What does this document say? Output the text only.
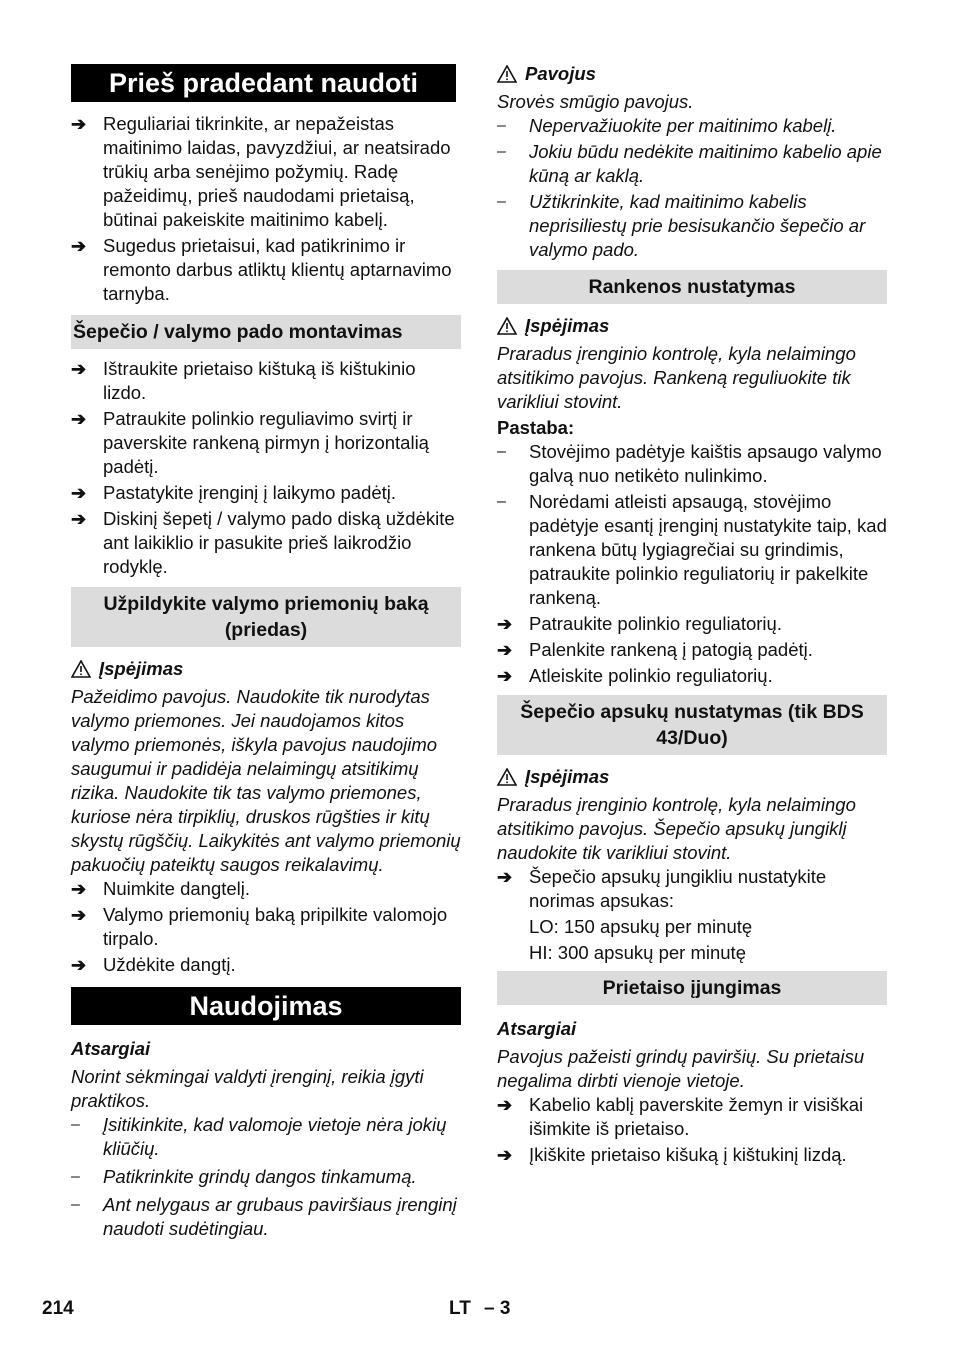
Prieš pradedant naudoti
➔ Reguliariai tikrinkite, ar nepažeistas maitinimo laidas, pavyzdžiui, ar neatsirado trūkių arba senėjimo požymių. Radę pažeidimų, prieš naudodami prietaisą, būtinai pakeiskite maitinimo kabelį.
➔ Sugedus prietaisui, kad patikrinimo ir remonto darbus atliktų klientų aptarnavimo tarnyba.
Šepečio / valymo pado montavimas
➔ Ištraukite prietaiso kištuką iš kištukinio lizdo.
➔ Patraukite polinkio reguliavimo svirtį ir paverskite rankeną pirmyn į horizontalią padėtį.
➔ Pastatykite įrenginį į laikymo padėtį.
➔ Diskinį šepetį / valymo pado diską uždėkite ant laikiklio ir pasukite prieš laikrodžio rodyklę.
Užpildykite valymo priemonių baką (priedas)
Įspėjimas
Pažeidimo pavojus. Naudokite tik nurodytas valymo priemones. Jei naudojamos kitos valymo priemonės, iškyla pavojus naudojimo saugumui ir padidėja nelaimingų atsitikimų rizika. Naudokite tik tas valymo priemones, kuriose nėra tirpiklių, druskos rūgšties ir kitų skystų rūgščių. Laikykitės ant valymo priemonių pakuočių pateiktų saugos reikalavimų.
➔ Nuimkite dangtelį.
➔ Valymo priemonių baką pripilkite valomojo tirpalo.
➔ Uždėkite dangtį.
Naudojimas
Atsargiai
Norint sėkmingai valdyti įrenginį, reikia įgyti praktikos.
–	Įsitikinkite, kad valomoje vietoje nėra jokių kliūčių.
–	Patikrinkite grindų dangos tinkamumą.
–	Ant nelygaus ar grubaus paviršiaus įrenginį naudoti sudėtingiau.
Pavojus
Srovės smūgio pavojus.
–	Nepervažiuokite per maitinimo kabelį.
–	Jokiu būdu nedėkite maitinimo kabelio apie kūną ar kaklą.
–	Užtikrinkite, kad maitinimo kabelis neprisiliestų prie besisukančio šepečio ar valymo pado.
Rankenos nustatymas
Įspėjimas
Praradus įrenginio kontrolę, kyla nelaimingo atsitikimo pavojus. Rankeną reguliuokite tik varikliui stovint.
Pastaba:
–	Stovėjimo padėtyje kaištis apsaugo valymo galvą nuo netikėto nulinkimo.
–	Norėdami atleisti apsaugą, stovėjimo padėtyje esantį įrenginį nustatykite taip, kad rankena būtų lygiagrečiai su grindimis, patraukite polinkio reguliatorių ir pakelkite rankeną.
➔ Patraukite polinkio reguliatorių.
➔ Palenkite rankeną į patogią padėtį.
➔ Atleiskite polinkio reguliatorių.
Šepečio apsukų nustatymas (tik BDS 43/Duo)
Įspėjimas
Praradus įrenginio kontrolę, kyla nelaimingo atsitikimo pavojus. Šepečio apsukų jungiklį naudokite tik varikliui stovint.
➔ Šepečio apsukų jungikliu nustatykite norimas apsukas:
LO: 150 apsukų per minutę
HI: 300 apsukų per minutę
Prietaiso įjungimas
Atsargiai
Pavojus pažeisti grindų paviršių. Su prietaisu negalima dirbti vienoje vietoje.
➔ Kabelio kablį paverskite žemyn ir visiškai išimkite iš prietaiso.
➔ Įkiškite prietaiso kišuką į kištukinį lizdą.
214	LT – 3
